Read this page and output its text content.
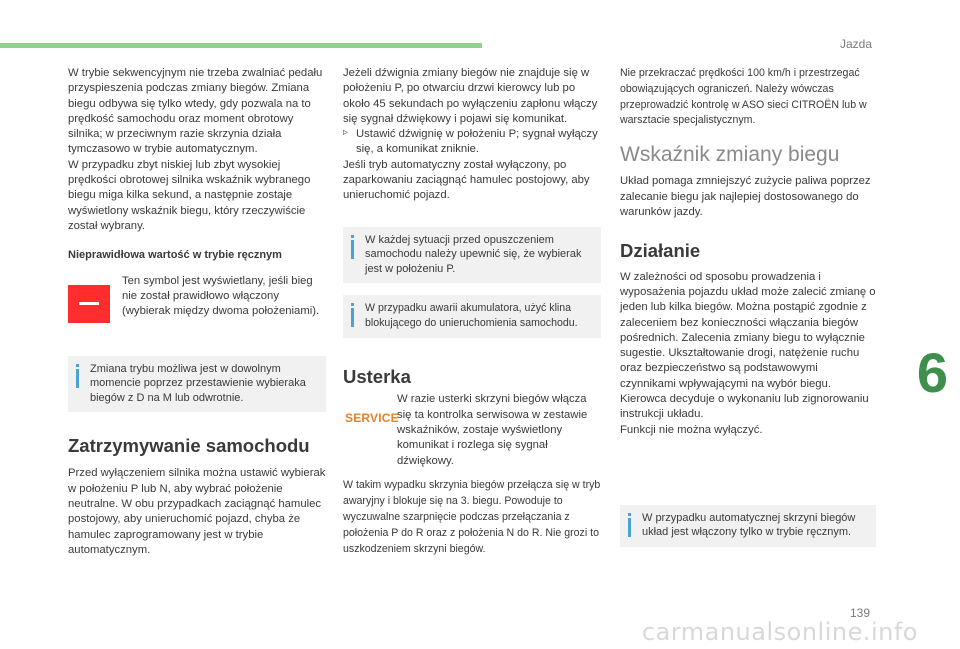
Jazda
6
139
carmanualsonline.info

W trybie sekwencyjnym nie trzeba zwalniać pedału przyspieszenia podczas zmiany biegów. Zmiana biegu odbywa się tylko wtedy, gdy pozwala na to prędkość samochodu oraz moment obrotowy silnika; w przeciwnym razie skrzynia działa tymczasowo w trybie automatycznym.

W przypadku zbyt niskiej lub zbyt wysokiej prędkości obrotowej silnika wskaźnik wybranego biegu miga kilka sekund, a następnie zostaje wyświetlony wskaźnik biegu, który rzeczywiście został wybrany.

Nieprawidłowa wartość w trybie ręcznym

Ten symbol jest wyświetlany, jeśli bieg nie został prawidłowo włączony (wybierak między dwoma położeniami).

Zmiana trybu możliwa jest w dowolnym momencie poprzez przestawienie wybieraka biegów z D na M lub odwrotnie.

Zatrzymywanie samochodu

Przed wyłączeniem silnika można ustawić wybierak w położeniu P lub N, aby wybrać położenie neutralne. W obu przypadkach zaciągnąć hamulec postojowy, aby unieruchomić pojazd, chyba że hamulec zaprogramowany jest w trybie automatycznym.

Jeżeli dźwignia zmiany biegów nie znajduje się w położeniu P, po otwarciu drzwi kierowcy lub po około 45 sekundach po wyłączeniu zapłonu włączy się sygnał dźwiękowy i pojawi się komunikat.

▹ Ustawić dźwignię w położeniu P; sygnał wyłączy się, a komunikat zniknie.

Jeśli tryb automatyczny został wyłączony, po zaparkowaniu zaciągnąć hamulec postojowy, aby unieruchomić pojazd.

W każdej sytuacji przed opuszczeniem samochodu należy upewnić się, że wybierak jest w położeniu P.
W przypadku awarii akumulatora, użyć klina blokującego do unieruchomienia samochodu.

Usterka

SERVICE

W razie usterki skrzyni biegów włącza się ta kontrolka serwisowa w zestawie wskaźników, zostaje wyświetlony komunikat i rozlega się sygnał dźwiękowy.

W takim wypadku skrzynia biegów przełącza się w tryb awaryjny i blokuje się na 3. biegu. Powoduje to wyczuwalne szarpnięcie podczas przełączania z położenia P do R oraz z położenia N do R. Nie grozi to uszkodzeniem skrzyni biegów.

Nie przekraczać prędkości 100 km/h i przestrzegać obowiązujących ograniczeń. Należy wówczas przeprowadzić kontrolę w ASO sieci CITROËN lub w warsztacie specjalistycznym.

Wskaźnik zmiany biegu

Układ pomaga zmniejszyć zużycie paliwa poprzez zalecanie biegu jak najlepiej dostosowanego do warunków jazdy.

Działanie

W zależności od sposobu prowadzenia i wyposażenia pojazdu układ może zalecić zmianę o jeden lub kilka biegów. Można postąpić zgodnie z zaleceniem bez konieczności włączania biegów pośrednich. Zalecenia zmiany biegu to wyłącznie sugestie. Ukształtowanie drogi, natężenie ruchu oraz bezpieczeństwo są podstawowymi czynnikami wpływającymi na wybór biegu. Kierowca decyduje o wykonaniu lub zignorowaniu instrukcji układu.

Funkcji nie można wyłączyć.

W przypadku automatycznej skrzyni biegów układ jest włączony tylko w trybie ręcznym.
